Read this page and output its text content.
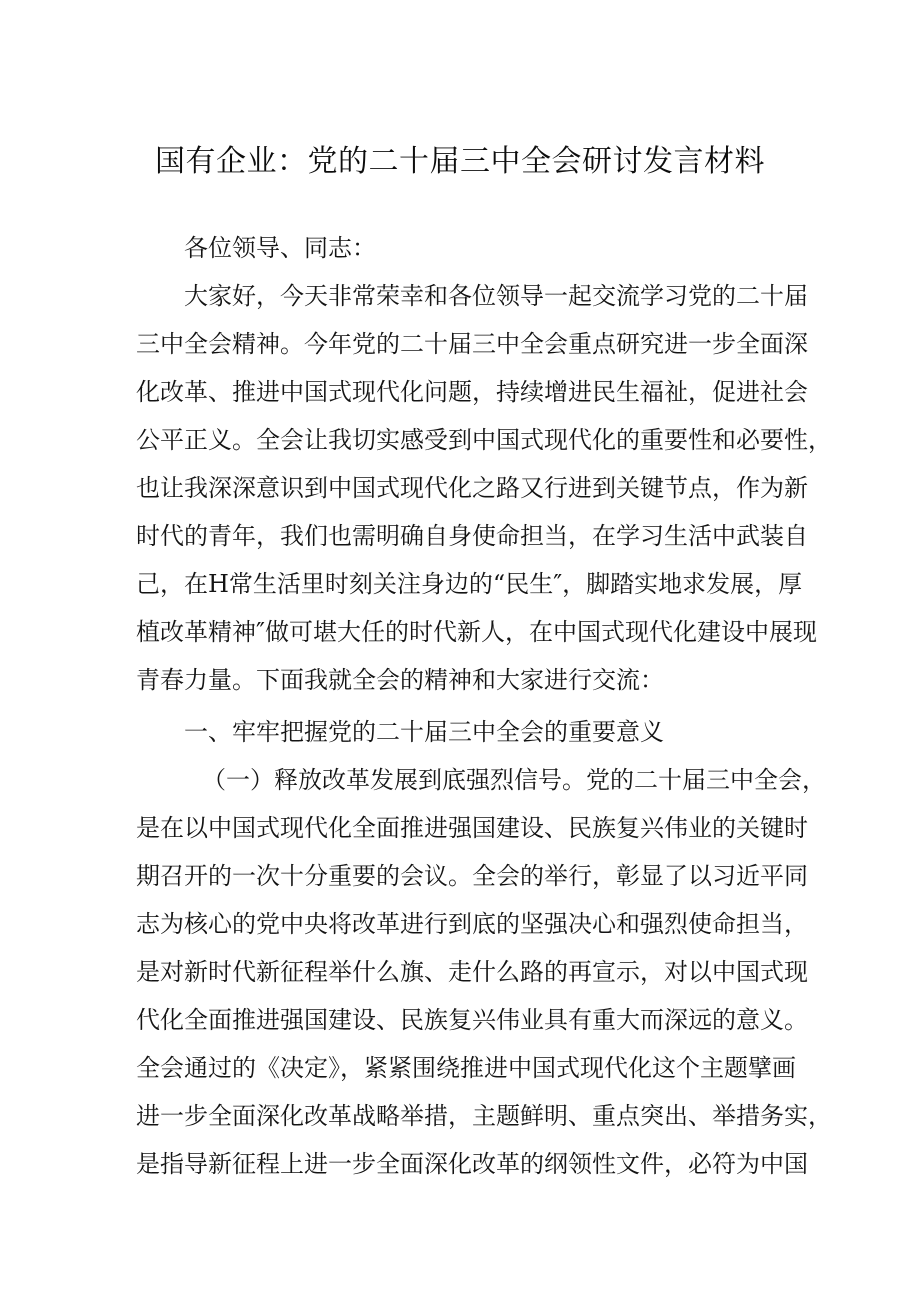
国有企业：党的二十届三中全会研讨发言材料
各位领导、同志：
大家好，今天非常荣幸和各位领导一起交流学习党的二十届
三中全会精神。今年党的二十届三中全会重点研究进一步全面深
化改革、推进中国式现代化问题，持续增进民生福祉，促进社会
公平正义。全会让我切实感受到中国式现代化的重要性和必要性，
也让我深深意识到中国式现代化之路又行进到关键节点，作为新
时代的青年，我们也需明确自身使命担当，在学习生活中武装自
己，在H常生活里时刻关注身边的“民生″，脚踏实地求发展，厚
植改革精神″做可堪大任的时代新人，在中国式现代化建设中展现
青春力量。下面我就全会的精神和大家进行交流：
一、牢牢把握党的二十届三中全会的重要意义
（一）释放改革发展到底强烈信号。党的二十届三中全会，
是在以中国式现代化全面推进强国建设、民族复兴伟业的关键时
期召开的一次十分重要的会议。全会的举行，彰显了以习近平同
志为核心的党中央将改革进行到底的坚强决心和强烈使命担当，
是对新时代新征程举什么旗、走什么路的再宣示，对以中国式现
代化全面推进强国建设、民族复兴伟业具有重大而深远的意义。
全会通过的《决定》，紧紧围绕推进中国式现代化这个主题擘画
进一步全面深化改革战略举措，主题鲜明、重点突出、举措务实，
是指导新征程上进一步全面深化改革的纲领性文件，必符为中国
